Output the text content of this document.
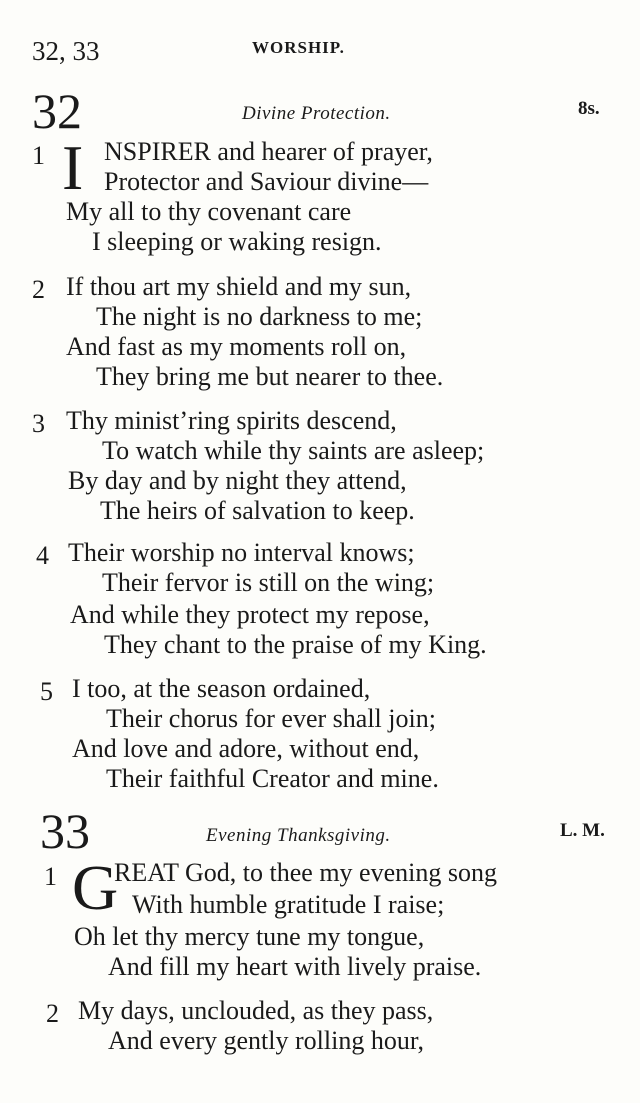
32, 33	WORSHIP.
32	Divine Protection.	8s.
1 I NSPIRER and hearer of prayer,
Protector and Saviour divine—
My all to thy covenant care
I sleeping or waking resign.
2 If thou art my shield and my sun,
The night is no darkness to me;
And fast as my moments roll on,
They bring me but nearer to thee.
3 Thy minist’ring spirits descend,
To watch while thy saints are asleep;
By day and by night they attend,
The heirs of salvation to keep.
4 Their worship no interval knows;
Their fervor is still on the wing;
And while they protect my repose,
They chant to the praise of my King.
5 I too, at the season ordained,
Their chorus for ever shall join;
And love and adore, without end,
Their faithful Creator and mine.
33	Evening Thanksgiving.	L. M.
1 G
REAT God, to thee my evening song
With humble gratitude I raise;
Oh let thy mercy tune my tongue,
And fill my heart with lively praise.
2 My days, unclouded, as they pass,
And every gently rolling hour,
